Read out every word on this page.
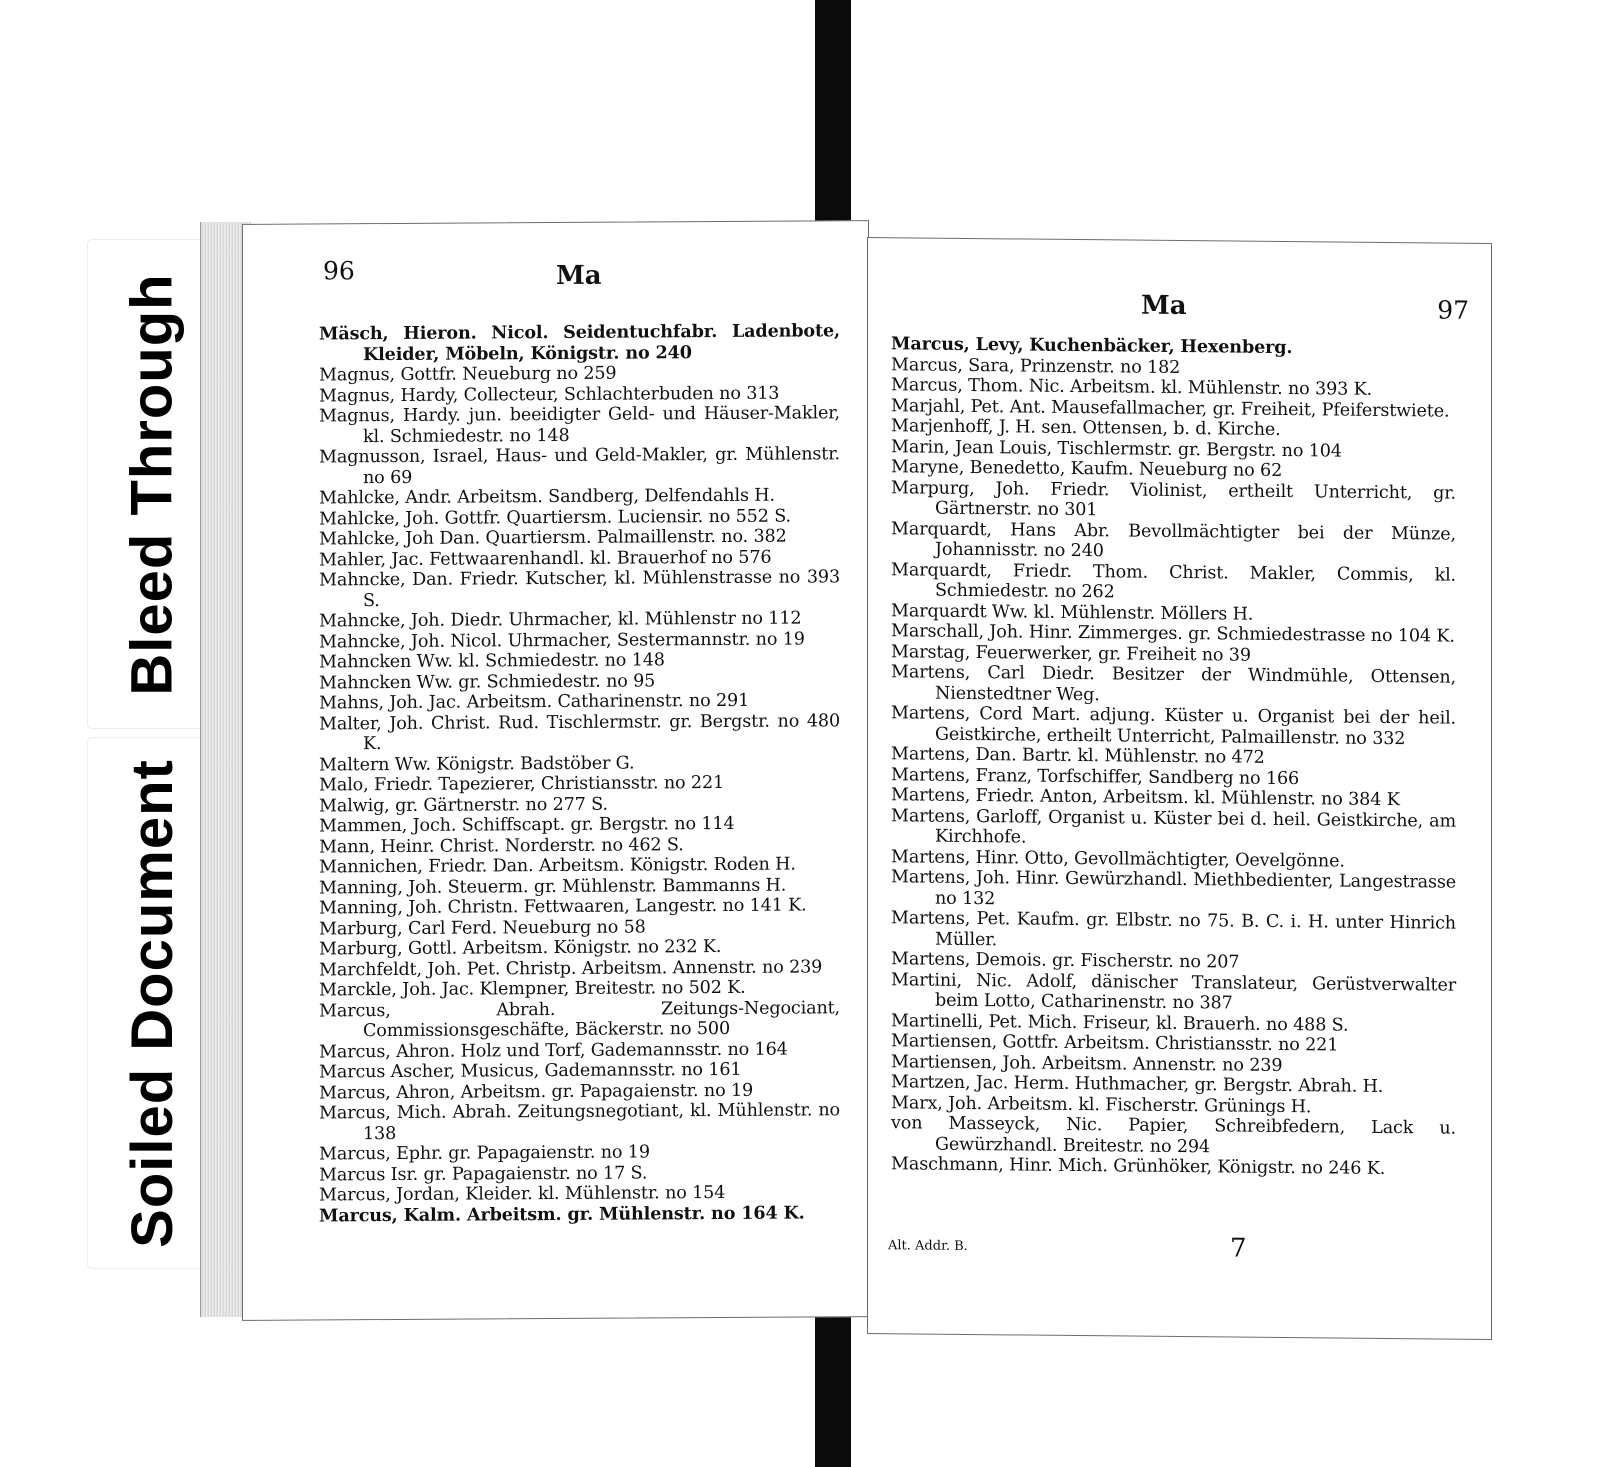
Bleed Through
Soiled Document
96	Ma

Mäsch, Hieron. Nicol. Seidentuchfabr. Ladenbote, Kleider, Möbeln, Königstr. no 240

Magnus, Gottfr. Neueburg no 259

Magnus, Hardy, Collecteur, Schlachterbuden no 313

Magnus, Hardy. jun. beeidigter Geld- und Häuser-Makler, kl. Schmiedestr. no 148

Magnusson, Israel, Haus- und Geld-Makler, gr. Mühlenstr. no 69

Mahlcke, Andr. Arbeitsm. Sandberg, Delfendahls H.

Mahlcke, Joh. Gottfr. Quartiersm. Luciensir. no 552 S.

Mahlcke, Joh Dan. Quartiersm. Palmaillenstr. no. 382

Mahler, Jac. Fettwaarenhandl. kl. Brauerhof no 576

Mahncke, Dan. Friedr. Kutscher, kl. Mühlenstrasse no 393 S.

Mahncke, Joh. Diedr. Uhrmacher, kl. Mühlenstr no 112

Mahncke, Joh. Nicol. Uhrmacher, Sestermannstr. no 19

Mahncken Ww. kl. Schmiedestr. no 148

Mahncken Ww. gr. Schmiedestr. no 95

Mahns, Joh. Jac. Arbeitsm. Catharinenstr. no 291

Malter, Joh. Christ. Rud. Tischlermstr. gr. Bergstr. no 480 K.

Maltern Ww. Königstr. Badstöber G.

Malo, Friedr. Tapezierer, Christiansstr. no 221

Malwig, gr. Gärtnerstr. no 277 S.

Mammen, Joch. Schiffscapt. gr. Bergstr. no 114

Mann, Heinr. Christ. Norderstr. no 462 S.

Mannichen, Friedr. Dan. Arbeitsm. Königstr. Roden H.

Manning, Joh. Steuerm. gr. Mühlenstr. Bammanns H.

Manning, Joh. Christn. Fettwaaren, Langestr. no 141 K.

Marburg, Carl Ferd. Neueburg no 58

Marburg, Gottl. Arbeitsm. Königstr. no 232 K.

Marchfeldt, Joh. Pet. Christp. Arbeitsm. Annenstr. no 239

Marckle, Joh. Jac. Klempner, Breitestr. no 502 K.

Marcus, Abrah. Zeitungs-Negociant, Commissionsgeschäfte, Bäckerstr. no 500

Marcus, Ahron. Holz und Torf, Gademannsstr. no 164

Marcus Ascher, Musicus, Gademannsstr. no 161

Marcus, Ahron, Arbeitsm. gr. Papagaienstr. no 19

Marcus, Mich. Abrah. Zeitungsnegotiant, kl. Mühlenstr. no 138

Marcus, Ephr. gr. Papagaienstr. no 19

Marcus Isr. gr. Papagaienstr. no 17 S.

Marcus, Jordan, Kleider. kl. Mühlenstr. no 154

Marcus, Kalm. Arbeitsm. gr. Mühlenstr. no 164 K.

97
Ma

Marcus, Levy, Kuchenbäcker, Hexenberg.

Marcus, Sara, Prinzenstr. no 182

Marcus, Thom. Nic. Arbeitsm. kl. Mühlenstr. no 393 K.

Marjahl, Pet. Ant. Mausefallmacher, gr. Freiheit, Pfeiferstwiete.

Marjenhoff, J. H. sen. Ottensen, b. d. Kirche.

Marin, Jean Louis, Tischlermstr. gr. Bergstr. no 104

Maryne, Benedetto, Kaufm. Neueburg no 62

Marpurg, Joh. Friedr. Violinist, ertheilt Unterricht, gr. Gärtnerstr. no 301

Marquardt, Hans Abr. Bevollmächtigter bei der Münze, Johannisstr. no 240

Marquardt, Friedr. Thom. Christ. Makler, Commis, kl. Schmiedestr. no 262

Marquardt Ww. kl. Mühlenstr. Möllers H.

Marschall, Joh. Hinr. Zimmerges. gr. Schmiedestrasse no 104 K.

Marstag, Feuerwerker, gr. Freiheit no 39

Martens, Carl Diedr. Besitzer der Windmühle, Ottensen, Nienstedtner Weg.

Martens, Cord Mart. adjung. Küster u. Organist bei der heil. Geistkirche, ertheilt Unterricht, Palmaillenstr. no 332

Martens, Dan. Bartr. kl. Mühlenstr. no 472

Martens, Franz, Torfschiffer, Sandberg no 166

Martens, Friedr. Anton, Arbeitsm. kl. Mühlenstr. no 384 K

Martens, Garloff, Organist u. Küster bei d. heil. Geistkirche, am Kirchhofe.

Martens, Hinr. Otto, Gevollmächtigter, Oevelgönne.

Martens, Joh. Hinr. Gewürzhandl. Miethbedienter, Langestrasse no 132

Martens, Pet. Kaufm. gr. Elbstr. no 75. B. C. i. H. unter Hinrich Müller.

Martens, Demois. gr. Fischerstr. no 207

Martini, Nic. Adolf, dänischer Translateur, Gerüstverwalter beim Lotto, Catharinenstr. no 387

Martinelli, Pet. Mich. Friseur, kl. Brauerh. no 488 S.

Martiensen, Gottfr. Arbeitsm. Christiansstr. no 221

Martiensen, Joh. Arbeitsm. Annenstr. no 239

Martzen, Jac. Herm. Huthmacher, gr. Bergstr. Abrah. H.

Marx, Joh. Arbeitsm. kl. Fischerstr. Grünings H.

von Masseyck, Nic. Papier, Schreibfedern, Lack u. Gewürzhandl. Breitestr. no 294

Maschmann, Hinr. Mich. Grünhöker, Königstr. no 246 K.

Alt. Addr. B.	7
